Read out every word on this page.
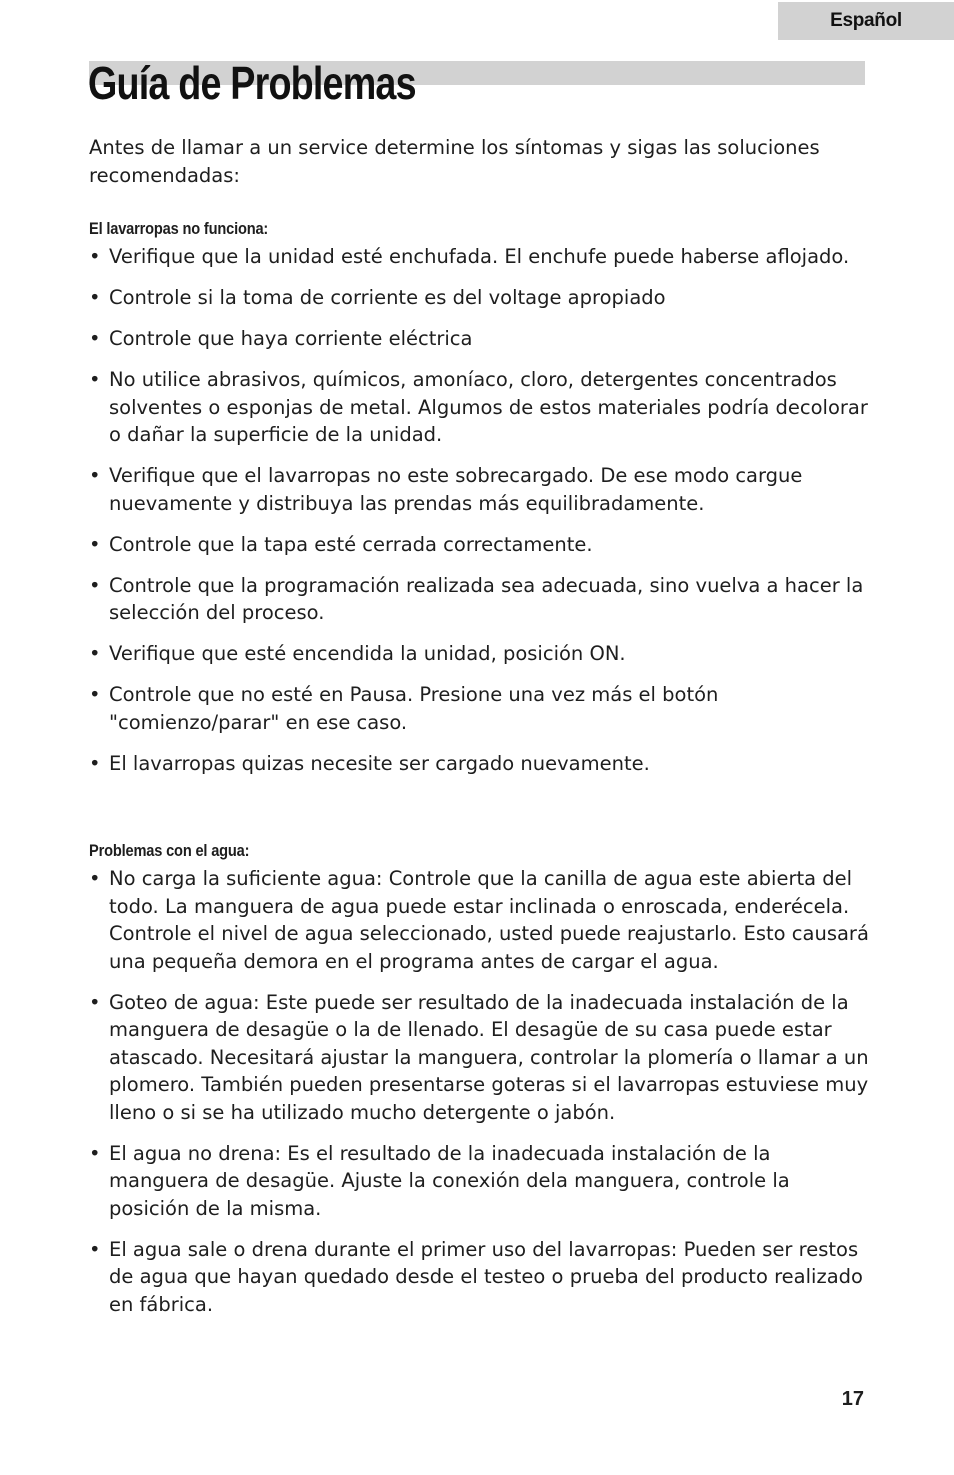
Español
Guía de Problemas

Antes de llamar a un service determine los síntomas y sigas las soluciones recomendadas:

El lavarropas no funciona:
• Verifique que la unidad esté enchufada. El enchufe puede haberse aflojado.
• Controle si la toma de corriente es del voltage apropiado
• Controle que haya corriente eléctrica
• No utilice abrasivos, químicos, amoníaco, cloro, detergentes concentrados solventes o esponjas de metal. Algumos de estos materiales podría decolorar o dañar la superficie de la unidad.
• Verifique que el lavarropas no este sobrecargado. De ese modo cargue nuevamente y distribuya las prendas más equilibradamente.
• Controle que la tapa esté cerrada correctamente.
• Controle que la programación realizada sea adecuada, sino vuelva a hacer la selección del proceso.
• Verifique que esté encendida la unidad, posición ON.
• Controle que no esté en Pausa. Presione una vez más el botón "comienzo/parar" en ese caso.
• El lavarropas quizas necesite ser cargado nuevamente.
Problemas con el agua:
• No carga la suficiente agua: Controle que la canilla de agua este abierta del todo. La manguera de agua puede estar inclinada o enroscada, enderécela. Controle el nivel de agua seleccionado, usted puede reajustarlo. Esto causará una pequeña demora en el programa antes de cargar el agua.
• Goteo de agua: Este puede ser resultado de la inadecuada instalación de la manguera de desagüe o la de llenado. El desagüe de su casa puede estar atascado. Necesitará ajustar la manguera, controlar la plomería o llamar a un plomero. También pueden presentarse goteras si el lavarropas estuviese muy lleno o si se ha utilizado mucho detergente o jabón.
• El agua no drena: Es el resultado de la inadecuada instalación de la manguera de desagüe. Ajuste la conexión dela manguera, controle la posición de la misma.
• El agua sale o drena durante el primer uso del lavarropas: Pueden ser restos de agua que hayan quedado desde el testeo o prueba del producto realizado en fábrica.
17
